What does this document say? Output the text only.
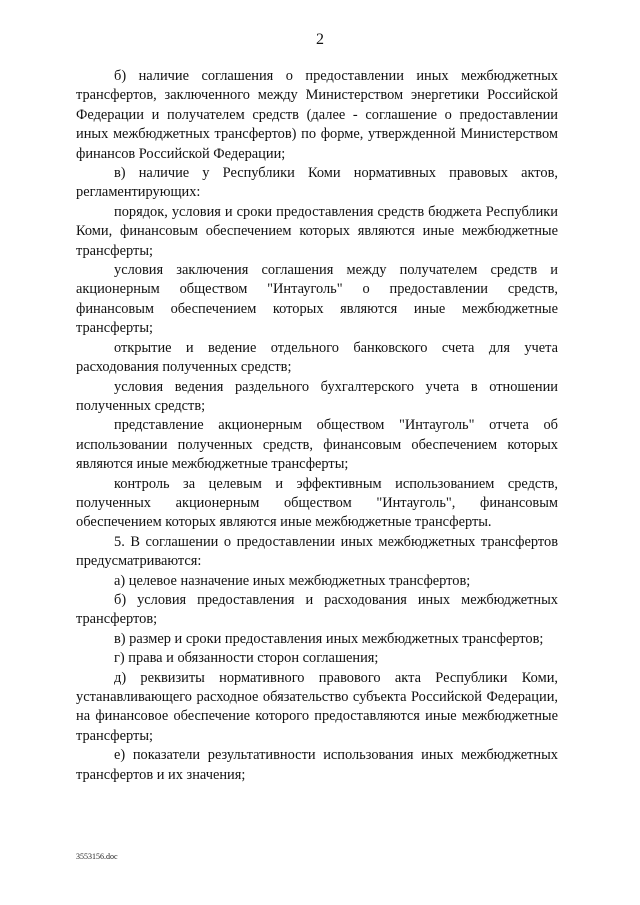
2

б) наличие соглашения о предоставлении иных межбюджетных трансфертов, заключенного между Министерством энергетики Российской Федерации и получателем средств (далее - соглашение о предоставлении иных межбюджетных трансфертов) по форме, утвержденной Министерством финансов Российской Федерации;

в) наличие у Республики Коми нормативных правовых актов, регламентирующих:

порядок, условия и сроки предоставления средств бюджета Республики Коми, финансовым обеспечением которых являются иные межбюджетные трансферты;

условия заключения соглашения между получателем средств и акционерным обществом "Интауголь" о предоставлении средств, финансовым обеспечением которых являются иные межбюджетные трансферты;

открытие и ведение отдельного банковского счета для учета расходования полученных средств;

условия ведения раздельного бухгалтерского учета в отношении полученных средств;

представление акционерным обществом "Интауголь" отчета об использовании полученных средств, финансовым обеспечением которых являются иные межбюджетные трансферты;

контроль за целевым и эффективным использованием средств, полученных акционерным обществом "Интауголь", финансовым обеспечением которых являются иные межбюджетные трансферты.

5. В соглашении о предоставлении иных межбюджетных трансфертов предусматриваются:

а) целевое назначение иных межбюджетных трансфертов;

б) условия предоставления и расходования иных межбюджетных трансфертов;

в) размер и сроки предоставления иных межбюджетных трансфертов;

г) права и обязанности сторон соглашения;

д) реквизиты нормативного правового акта Республики Коми, устанавливающего расходное обязательство субъекта Российской Федерации, на финансовое обеспечение которого предоставляются иные межбюджетные трансферты;

е) показатели результативности использования иных межбюджетных трансфертов и их значения;

3553156.doc
